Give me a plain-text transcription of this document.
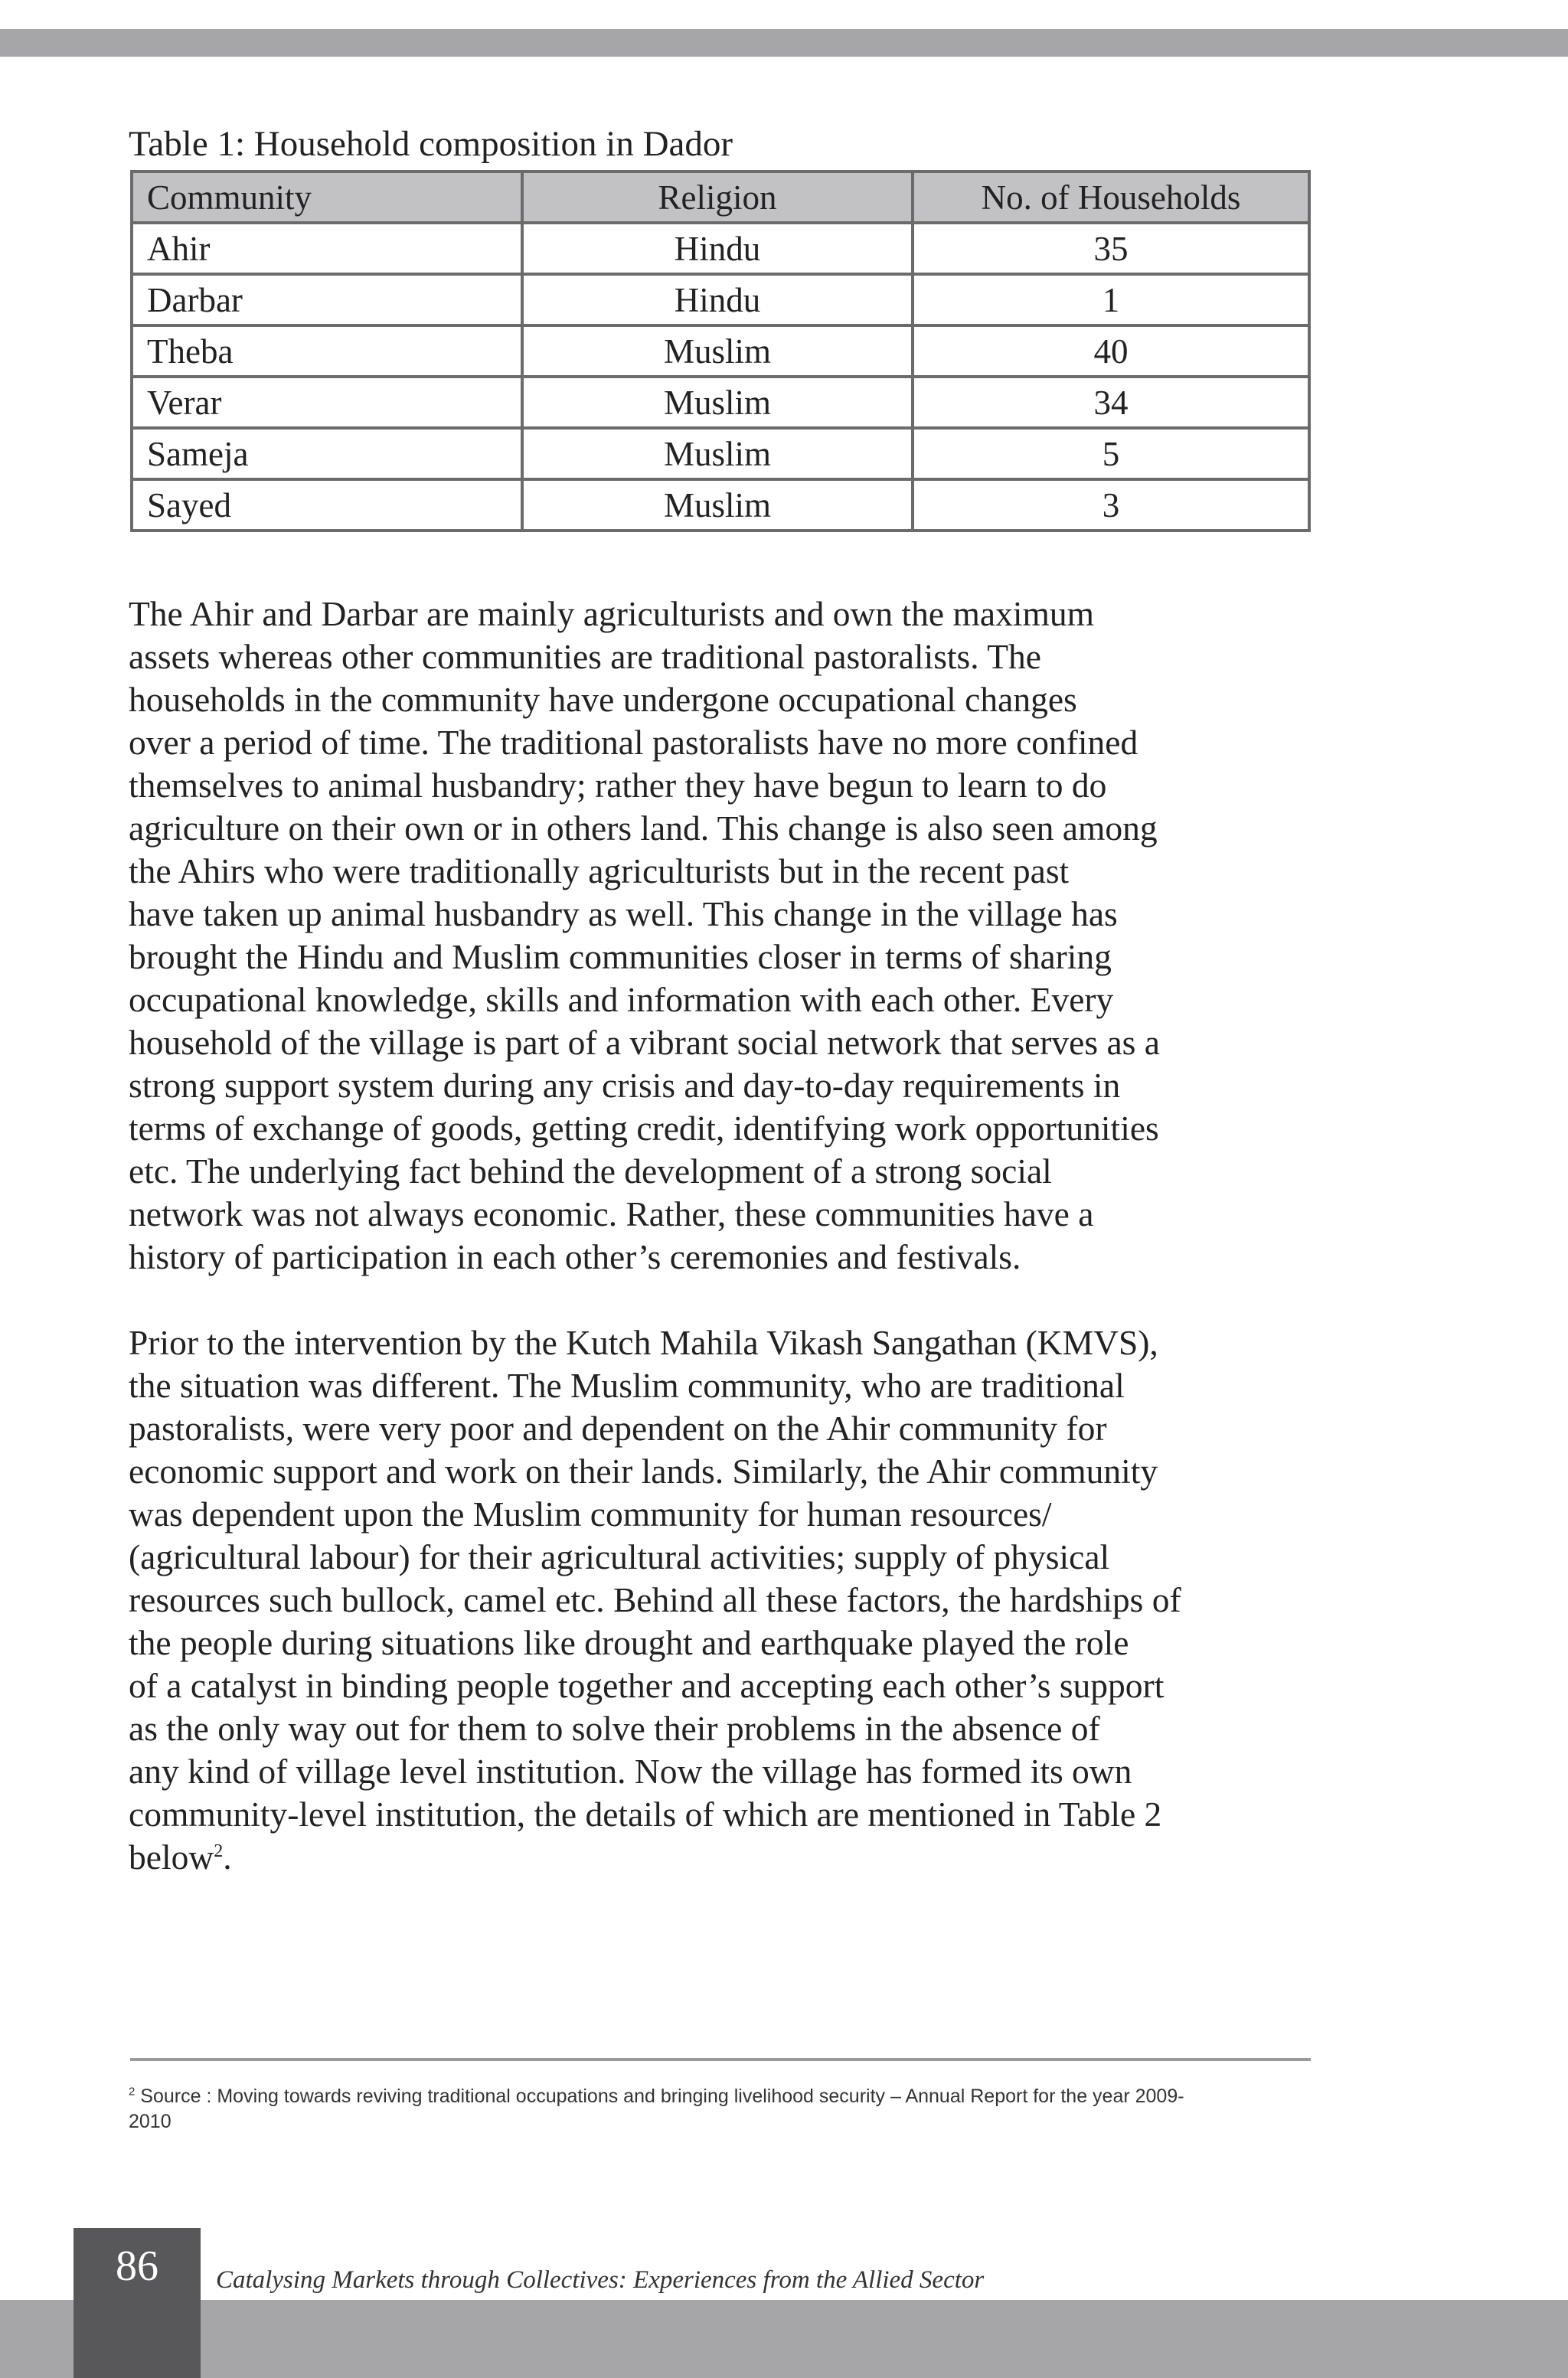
Table 1: Household composition in Dador
Community	Religion	No. of Households
Ahir	Hindu	35
Darbar	Hindu	1
Theba	Muslim	40
Verar	Muslim	34
Sameja	Muslim	5
Sayed	Muslim	3
The Ahir and Darbar are mainly agriculturists and own the maximum
assets whereas other communities are traditional pastoralists. The
households in the community have undergone occupational changes
over a period of time. The traditional pastoralists have no more confined
themselves to animal husbandry; rather they have begun to learn to do
agriculture on their own or in others land. This change is also seen among
the Ahirs who were traditionally agriculturists but in the recent past
have taken up animal husbandry as well. This change in the village has
brought the Hindu and Muslim communities closer in terms of sharing
occupational knowledge, skills and information with each other. Every
household of the village is part of a vibrant social network that serves as a
strong support system during any crisis and day-to-day requirements in
terms of exchange of goods, getting credit, identifying work opportunities
etc. The underlying fact behind the development of a strong social
network was not always economic. Rather, these communities have a
history of participation in each other’s ceremonies and festivals.
Prior to the intervention by the Kutch Mahila Vikash Sangathan (KMVS),
the situation was different. The Muslim community, who are traditional
pastoralists, were very poor and dependent on the Ahir community for
economic support and work on their lands. Similarly, the Ahir community
was dependent upon the Muslim community for human resources/
(agricultural labour) for their agricultural activities; supply of physical
resources such bullock, camel etc. Behind all these factors, the hardships of
the people during situations like drought and earthquake played the role
of a catalyst in binding people together and accepting each other’s support
as the only way out for them to solve their problems in the absence of
any kind of village level institution. Now the village has formed its own
community-level institution, the details of which are mentioned in Table 2
below$^2$.
$^2$ Source : Moving towards reviving traditional occupations and bringing livelihood security – Annual Report for the year 2009-
2010
86	Catalysing Markets through Collectives: Experiences from the Allied Sector
